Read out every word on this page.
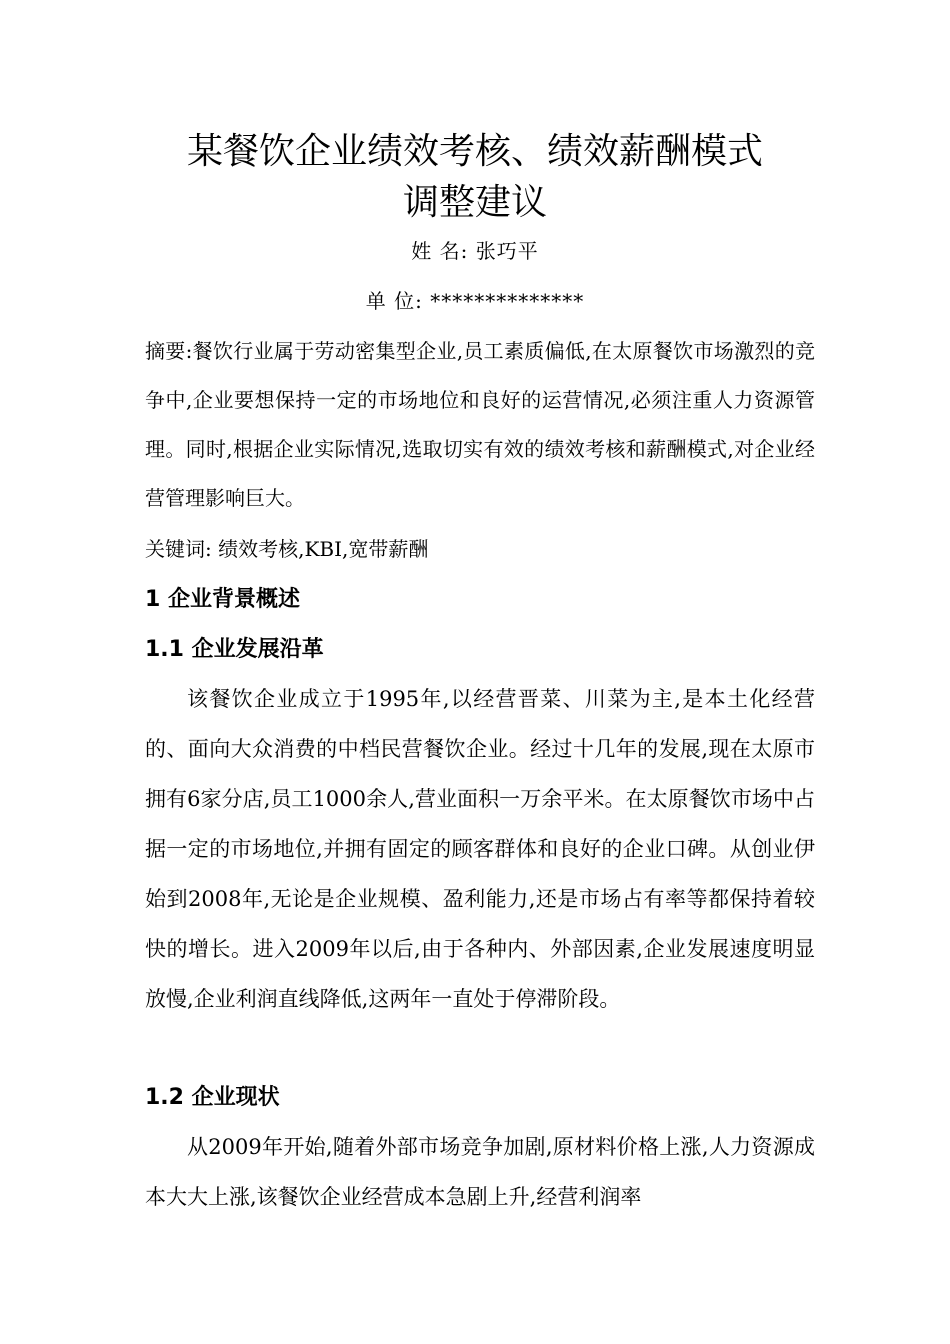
某餐饮企业绩效考核、绩效薪酬模式
调整建议
姓 名: 张巧平
单 位: **************
摘要:餐饮行业属于劳动密集型企业,员工素质偏低,在太原餐饮市场激烈的竞争中,企业要想保持一定的市场地位和良好的运营情况,必须注重人力资源管理。同时,根据企业实际情况,选取切实有效的绩效考核和薪酬模式,对企业经营管理影响巨大。
关键词: 绩效考核,KBI,宽带薪酬
1 企业背景概述
1.1 企业发展沿革
该餐饮企业成立于1995年,以经营晋菜、川菜为主,是本土化经营的、面向大众消费的中档民营餐饮企业。经过十几年的发展,现在太原市拥有6家分店,员工1000余人,营业面积一万余平米。在太原餐饮市场中占据一定的市场地位,并拥有固定的顾客群体和良好的企业口碑。从创业伊始到2008年,无论是企业规模、盈利能力,还是市场占有率等都保持着较快的增长。进入2009年以后,由于各种内、外部因素,企业发展速度明显放慢,企业利润直线降低,这两年一直处于停滞阶段。
1.2 企业现状
从2009年开始,随着外部市场竞争加剧,原材料价格上涨,人力资源成本大大上涨,该餐饮企业经营成本急剧上升,经营利润率
